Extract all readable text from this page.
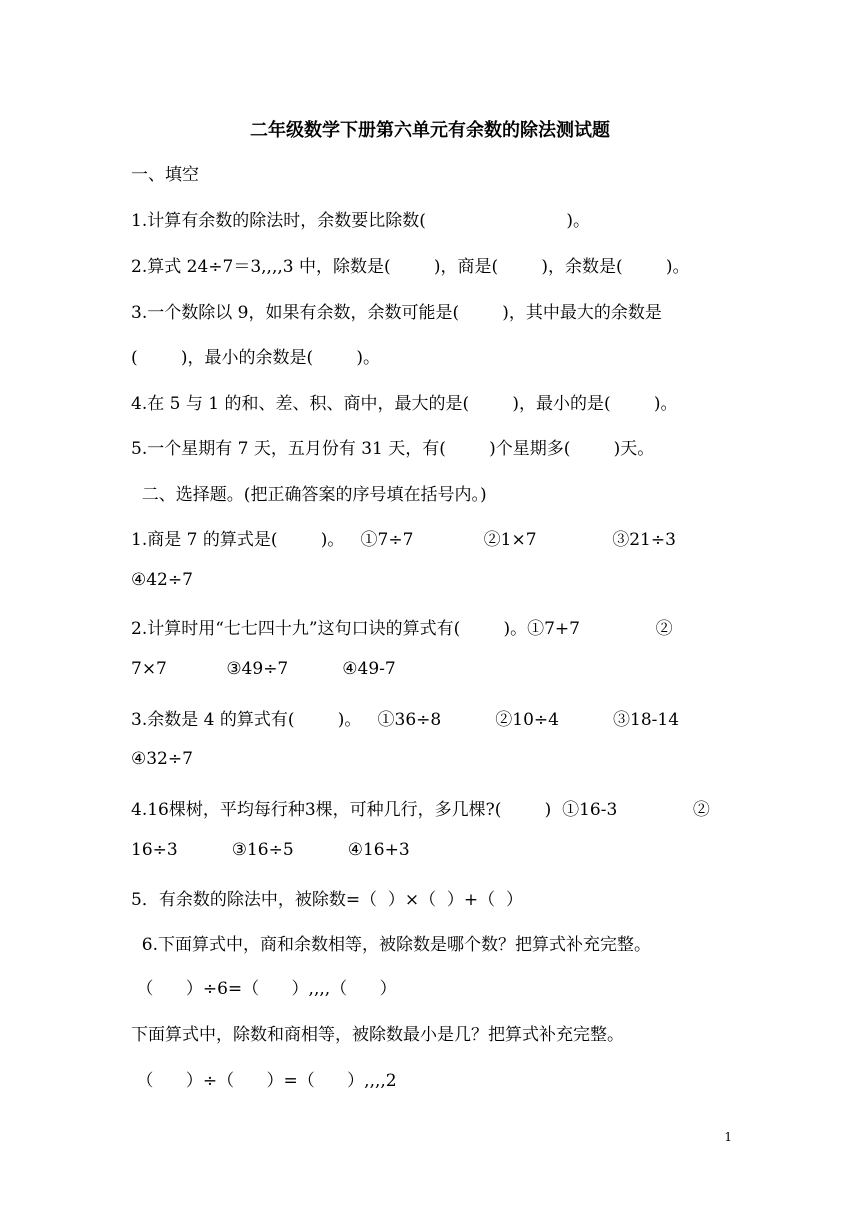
二年级数学下册第六单元有余数的除法测试题
一、填空
1.计算有余数的除法时，余数要比除数(                          )。
2.算式 24÷7＝3,,,,3 中，除数是(        )，商是(        )，余数是(        )。
3.一个数除以 9，如果有余数，余数可能是(        )，其中最大的余数是
(        )，最小的余数是(        )。
4.在 5 与 1 的和、差、积、商中，最大的是(        )，最小的是(        )。
5.一个星期有 7 天，五月份有 31 天，有(        )个星期多(        )天。
二、选择题。(把正确答案的序号填在括号内。)
1.商是 7 的算式是(        )。   ①7÷7             ②1×7              ③21÷3
④42÷7
2.计算时用“七七四十九”这句口诀的算式有(        )。①7+7              ②
7×7           ③49÷7          ④49-7
3.余数是 4 的算式有(        )。   ①36÷8          ②10÷4          ③18-14
④32÷7
4.16棵树，平均每行种3棵，可种几行，多几棵?(        )  ①16-3              ②
16÷3          ③16÷5          ④16+3
5．有余数的除法中，被除数=（  ）×（  ）+（  ）
6.下面算式中，商和余数相等，被除数是哪个数？把算式补充完整。
（      ）÷6=（      ）,,,,（      ）
下面算式中，除数和商相等，被除数最小是几？把算式补充完整。
（      ）÷（      ）=（      ）,,,,2
1
